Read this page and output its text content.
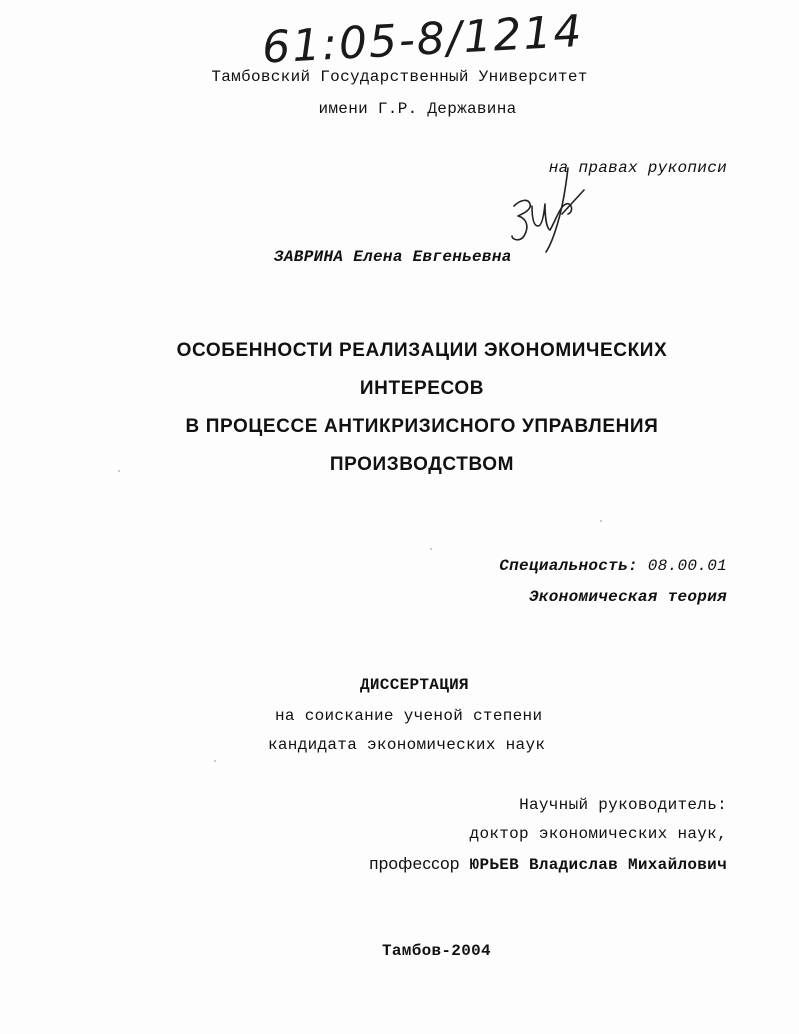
61:05-8/1214
Тамбовский Государственный Университет
имени Г.Р. Державина
на правах рукописи
ЗАВРИНА Елена Евгеньевна
ОСОБЕННОСТИ РЕАЛИЗАЦИИ ЭКОНОМИЧЕСКИХ
ИНТЕРЕСОВ
В ПРОЦЕССЕ АНТИКРИЗИСНОГО УПРАВЛЕНИЯ
ПРОИЗВОДСТВОМ
Специальность: 08.00.01
Экономическая теория
ДИССЕРТАЦИЯ
на соискание ученой степени
кандидата экономических наук
Научный руководитель:
доктор экономических наук,
профессор ЮРЬЕВ Владислав Михайлович
Тамбов-2004
